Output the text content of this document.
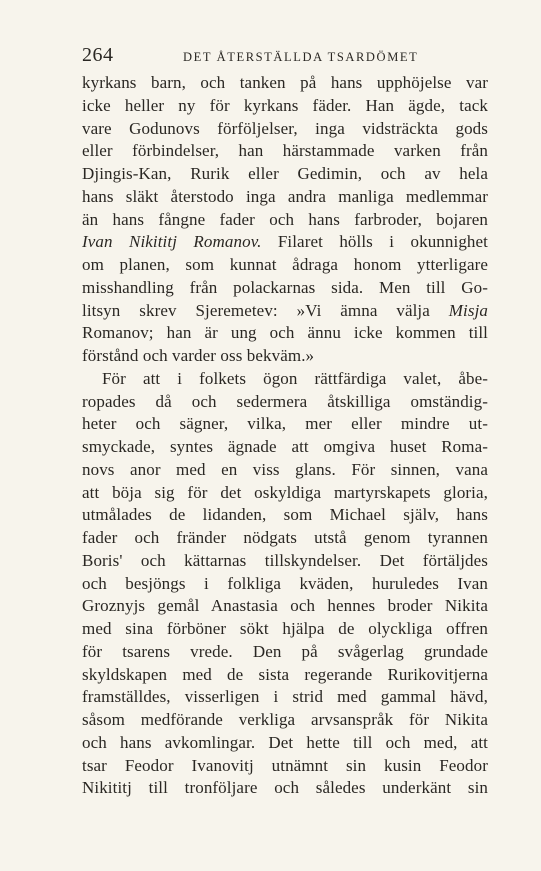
264	DET ÅTERSTÄLLDA TSARDÖMET
kyrkans barn, och tanken på hans upphöjelse var
icke heller ny för kyrkans fäder. Han ägde, tack
vare Godunovs förföljelser, inga vidsträckta gods
eller förbindelser, han härstammade varken från
Djingis-Kan, Rurik eller Gedimin, och av hela
hans släkt återstodo inga andra manliga medlemmar
än hans fångne fader och hans farbroder, bojaren
Ivan Nikititj Romanov. Filaret hölls i okunnighet
om planen, som kunnat ådraga honom ytterligare
misshandling från polackarnas sida. Men till Go-
litsyn skrev Sjeremetev: »Vi ämna välja Misja
Romanov; han är ung och ännu icke kommen till
förstånd och varder oss bekväm.»
För att i folkets ögon rättfärdiga valet, åbe-
ropades då och sedermera åtskilliga omständig-
heter och sägner, vilka, mer eller mindre ut-
smyckade, syntes ägnade att omgiva huset Roma-
novs anor med en viss glans. För sinnen, vana
att böja sig för det oskyldiga martyrskapets gloria,
utmålades de lidanden, som Michael själv, hans
fader och fränder nödgats utstå genom tyrannen
Boris' och kättarnas tillskyndelser. Det förtäljdes
och besjöngs i folkliga kväden, huruledes Ivan
Groznyjs gemål Anastasia och hennes broder Nikita
med sina förböner sökt hjälpa de olyckliga offren
för tsarens vrede. Den på svågerlag grundade
skyldskapen med de sista regerande Rurikovitjerna
framställdes, visserligen i strid med gammal hävd,
såsom medförande verkliga arvsanspråk för Nikita
och hans avkomlingar. Det hette till och med, att
tsar Feodor Ivanovitj utnämnt sin kusin Feodor
Nikititj till tronföljare och således underkänt sin
